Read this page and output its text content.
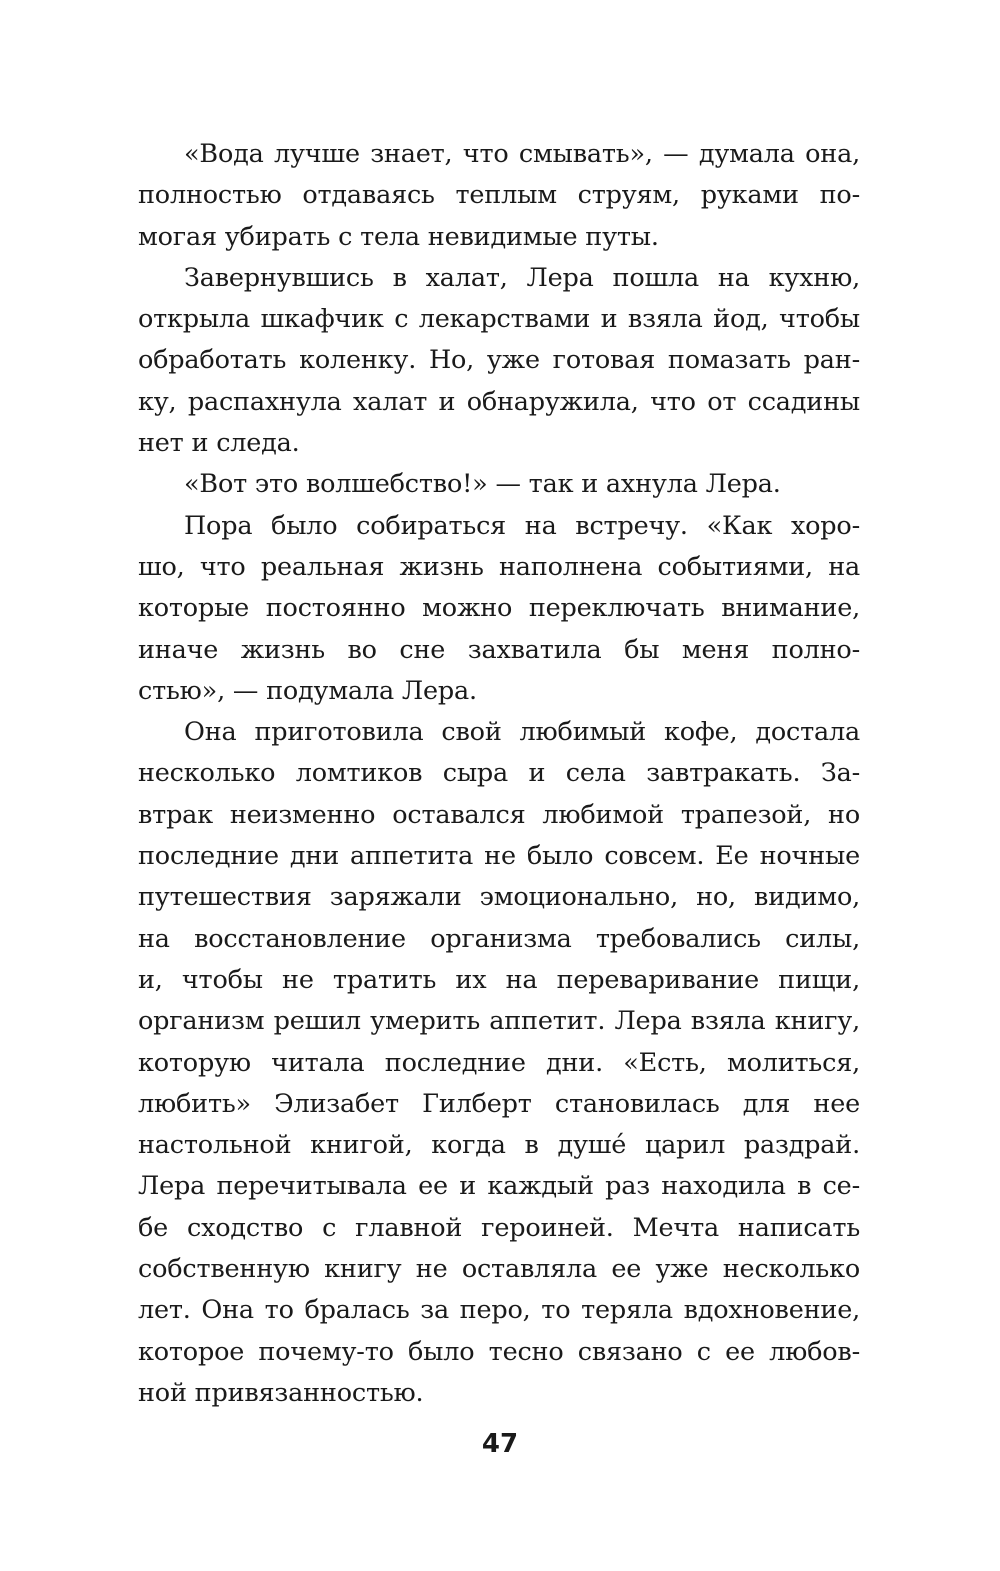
«Вода лучше знает, что смывать», — думала она,
полностью отдаваясь теплым струям, руками по-
могая убирать с тела невидимые путы.
Завернувшись в халат, Лера пошла на кухню,
открыла шкафчик с лекарствами и взяла йод, чтобы
обработать коленку. Но, уже готовая помазать ран-
ку, распахнула халат и обнаружила, что от ссадины
нет и следа.
«Вот это волшебство!» — так и ахнула Лера.
Пора было собираться на встречу. «Как хоро-
шо, что реальная жизнь наполнена событиями, на
которые постоянно можно переключать внимание,
иначе жизнь во сне захватила бы меня полно-
стью», — подумала Лера.
Она приготовила свой любимый кофе, достала
несколько ломтиков сыра и села завтракать. За-
втрак неизменно оставался любимой трапезой, но
последние дни аппетита не было совсем. Ее ночные
путешествия заряжали эмоционально, но, видимо,
на восстановление организма требовались силы,
и, чтобы не тратить их на переваривание пищи,
организм решил умерить аппетит. Лера взяла книгу,
которую читала последние дни. «Есть, молиться,
любить» Элизабет Гилберт становилась для нее
настольной книгой, когда в душе́ царил раздрай.
Лера перечитывала ее и каждый раз находила в се-
бе сходство с главной героиней. Мечта написать
собственную книгу не оставляла ее уже несколько
лет. Она то бралась за перо, то теряла вдохновение,
которое почему-то было тесно связано с ее любов-
ной привязанностью.
47
